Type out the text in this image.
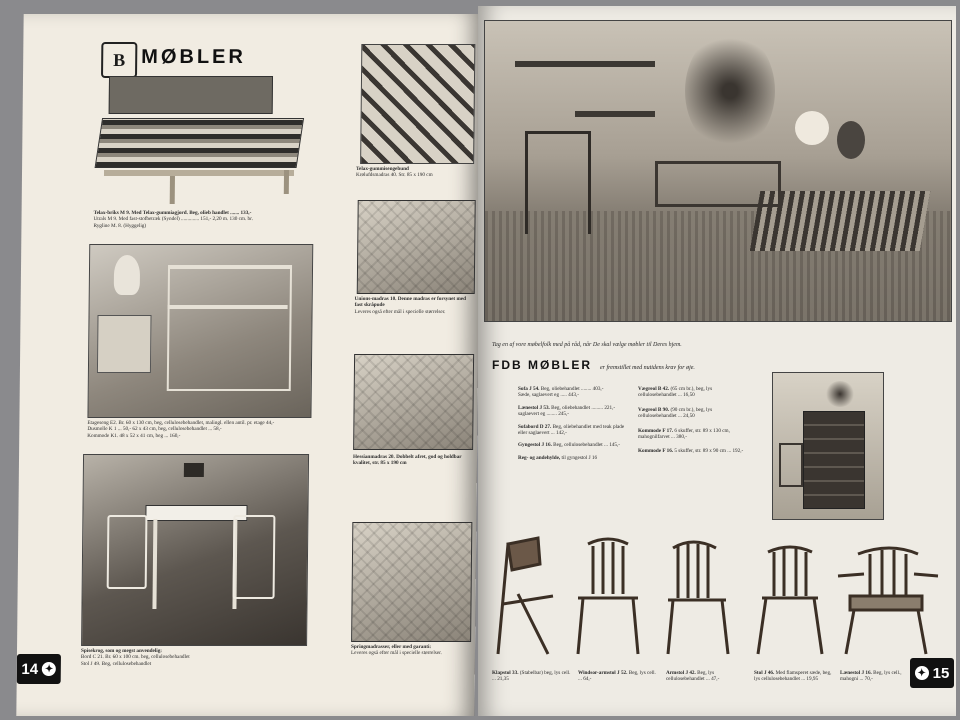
B MØBLER
Telax-briks M 9. Med Telax-gummiagjord. Beg, olieb handlet ....... 133,-
Utrals M 9. Med fast-stofbetræk (Syndel) .............. 151,- 2,20 m. 130 cm. br.
Rygline M. 8. (Hyggelig)
Etageseng E2. Br. 60 x 130 cm, beg, cellulosebehandlet, malingl. ellen antil. pr. etage 44,-
Dusmolle K 1 ... 50,- 62 x 43 cm, beg, cellulosebehandlet ... 58,-
Kommode K1. 48 x 52 x 41 cm, beg ... 160,-
Spisekrog, som og megst anvendelig:
Bord C 21. Br. 60 x 100 cm. beg, cellulosebehandlet
Stol J 49. Beg, cellulosebehandlet
14 ✦
Telax-gummisengebund
Krølufdsmadras 40. Str. 85 x 190 cm
Unions-madras 10. Denne madras er forsynet med fast skråpude
Leveres også efter mål i specielle størrelser.
Hessianmadras 20. Dobbelt afret, god og holdbar kvalitet, str. 85 x 190 cm
Springmadrasser, eller med garanti:
Leveres også efter mål i specielle størrelser.
Tag en af vore møbelfolk med på råd, når De skal vælge møbler til Deres hjem.
FDB MØBLER er fremstillet med nutidens krav for øje.
Sofa J 54. Beg, oliebehandlet ........ 403,-
Sæde, saglaevert eg ..... 443,-
Lænestol J 53. Beg, oliebehandlet ......... 221,-
saglaevert eg ........ 245,-
Sofabord D 27. Beg, oliebehandlet med teak plade eller saglaevert ... 142,-
Gyngestol J 16. Beg, cellulosebehandlet ... 145,-
Reg- og andehylde, til gyngestol J 16
Vægreol B 42. (65 cm br.), beg, lys cellulosebehandlet ... 16,50
Vægreol B 90. (90 cm br.), beg, lys cellulosebehandlet ... 24,50
Kommode F 17. 6 skuffer, str. 89 x 130 cm, mahognilfarvet ... 380,-
Kommode F 16. 5 skuffer, str. 89 x 90 cm ... 192,-
Klapstol 33. (Stabelbar) beg, lys cell. ... 21,35
Windsor-armstol J 52. Beg, lys cell. ... 64,-
Armstol J 42. Beg, lys cellulosebehandlet ... 47,-
Stol J 46. Med flamsperet sæde, beg, lys cellulosebehandlet ... 19,95
Lænestol J 16. Beg, lys cell., mahogni ... 70,-
✦ 15
